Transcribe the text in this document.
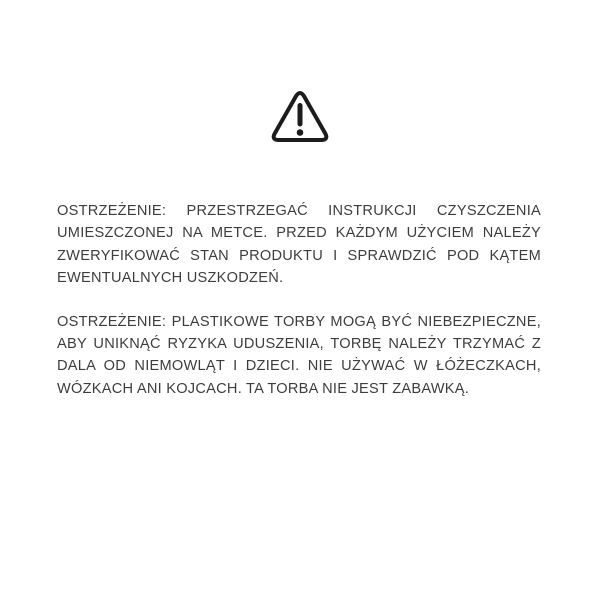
OSTRZEŻENIE: PRZESTRZEGAĆ INSTRUKCJI CZYSZCZENIA
UMIESZCZONEJ NA METCE. PRZED KAŻDYM UŻYCIEM NALEŻY
ZWERYFIKOWAĆ STAN PRODUKTU I SPRAWDZIĆ POD KĄTEM
EWENTUALNYCH USZKODZEŃ.

OSTRZEŻENIE: PLASTIKOWE TORBY MOGĄ BYĆ NIEBEZPIECZNE,
ABY UNIKNĄĆ RYZYKA UDUSZENIA, TORBĘ NALEŻY TRZYMAĆ Z
DALA OD NIEMOWLĄT I DZIECI. NIE UŻYWAĆ W ŁÓŻECZKACH,
WÓZKACH ANI KOJCACH. TA TORBA NIE JEST ZABAWKĄ.
